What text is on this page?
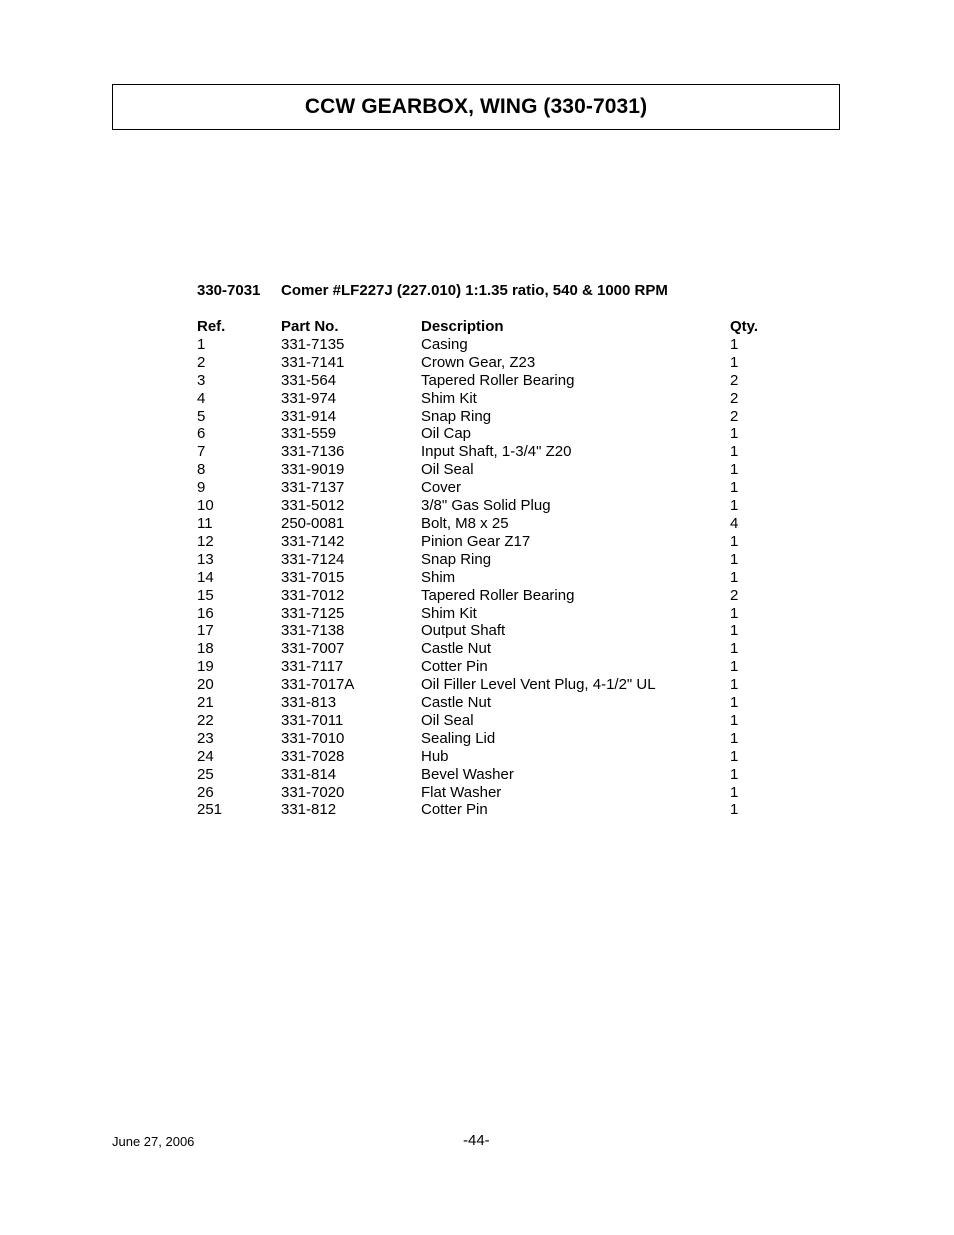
CCW GEARBOX, WING (330-7031)
330-7031 Comer #LF227J (227.010) 1:1.35 ratio, 540 & 1000 RPM
Ref.	Part No.	Description	Qty.
1	331-7135	Casing	1
2	331-7141	Crown Gear, Z23	1
3	331-564	Tapered Roller Bearing	2
4	331-974	Shim Kit	2
5	331-914	Snap Ring	2
6	331-559	Oil Cap	1
7	331-7136	Input Shaft, 1-3/4" Z20	1
8	331-9019	Oil Seal	1
9	331-7137	Cover	1
10	331-5012	3/8" Gas Solid Plug	1
11	250-0081	Bolt, M8 x 25	4
12	331-7142	Pinion Gear Z17	1
13	331-7124	Snap Ring	1
14	331-7015	Shim	1
15	331-7012	Tapered Roller Bearing	2
16	331-7125	Shim Kit	1
17	331-7138	Output Shaft	1
18	331-7007	Castle Nut	1
19	331-7117	Cotter Pin	1
20	331-7017A	Oil Filler Level Vent Plug, 4-1/2" UL	1
21	331-813	Castle Nut	1
22	331-7011	Oil Seal	1
23	331-7010	Sealing Lid	1
24	331-7028	Hub	1
25	331-814	Bevel Washer	1
26	331-7020	Flat Washer	1
251	331-812	Cotter Pin	1
June 27, 2006	-44-
